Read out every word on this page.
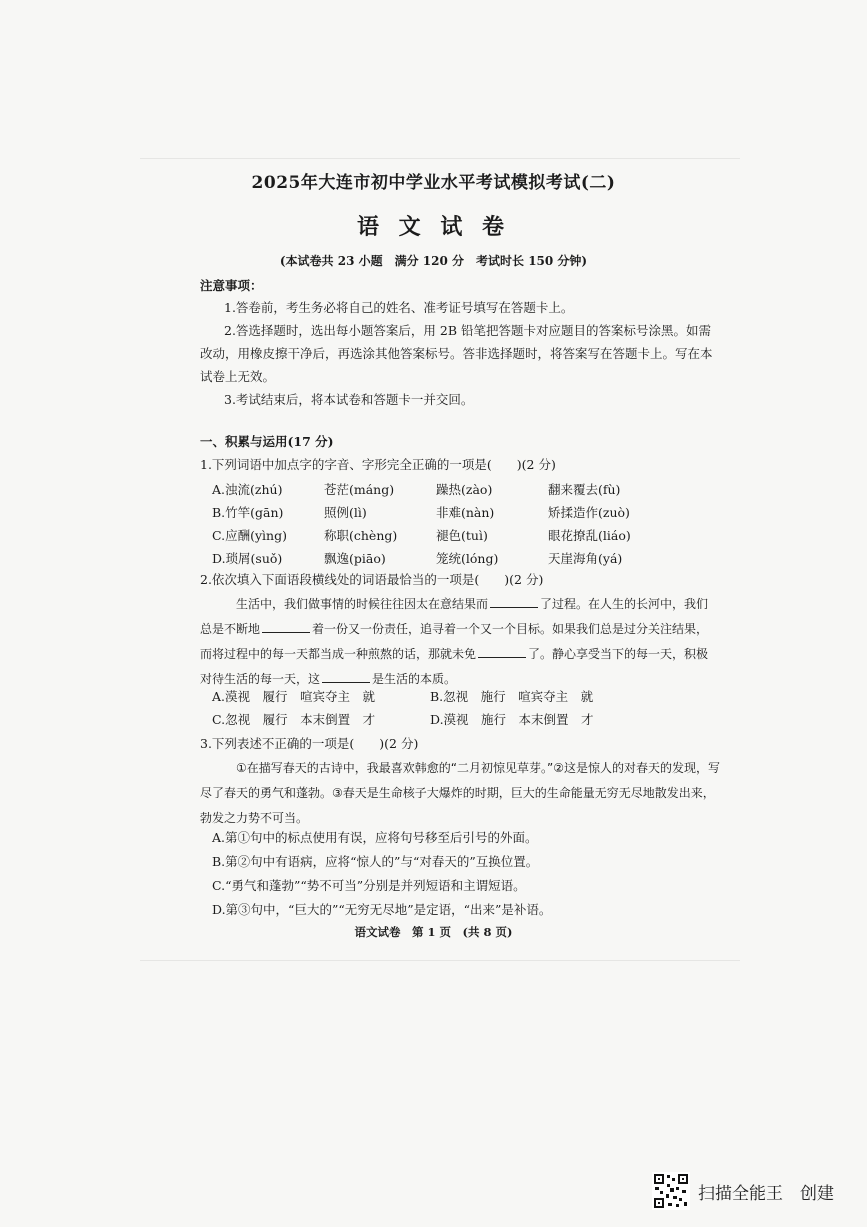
2025年大连市初中学业水平考试模拟考试(二)
语 文 试 卷
(本试卷共 23 小题　满分 120 分　考试时长 150 分钟)
注意事项：

1.答卷前，考生务必将自己的姓名、准考证号填写在答题卡上。

2.答选择题时，选出每小题答案后，用 2B 铅笔把答题卡对应题目的答案标号涂黑。如需改动，用橡皮擦干净后，再选涂其他答案标号。答非选择题时，将答案写在答题卡上。写在本试卷上无效。

3.考试结束后，将本试卷和答题卡一并交回。

一、积累与运用(17 分)
1.下列词语中加点字的字音、字形完全正确的一项是(　　)(2 分)
A.浊流(zhú)	苍茫(máng)	躁热(zào)	翻来覆去(fù)
B.竹竿(gān)	照例(lì)	非难(nàn)	矫揉造作(zuò)
C.应酬(yìng)	称职(chèng)	褪色(tuì)	眼花撩乱(liáo)
D.琐屑(suǒ)	飘逸(piāo)	笼统(lóng)	天崖海角(yá)
2.依次填入下面语段横线处的词语最恰当的一项是(　　)(2 分)
生活中，我们做事情的时候往往因太在意结果而	了过程。在人生的长河中，我们总是不断地	着一份又一份责任，追寻着一个又一个目标。如果我们总是过分关注结果，而将过程中的每一天都当成一种煎熬的话，那就未免	了。静心享受当下的每一天，积极对待生活的每一天，这	是生活的本质。
A.漠视　履行　喧宾夺主　就	B.忽视　施行　喧宾夺主　就
C.忽视　履行　本末倒置　才	D.漠视　施行　本末倒置　才
3.下列表述不正确的一项是(　　)(2 分)
①在描写春天的古诗中，我最喜欢韩愈的“二月初惊见草芽。”②这是惊人的对春天的发现，写尽了春天的勇气和蓬勃。③春天是生命核子大爆炸的时期，巨大的生命能量无穷无尽地散发出来，勃发之力势不可当。
A.第①句中的标点使用有误，应将句号移至后引号的外面。
B.第②句中有语病，应将“惊人的”与“对春天的”互换位置。
C.“勇气和蓬勃”“势不可当”分别是并列短语和主谓短语。
D.第③句中，“巨大的”“无穷无尽地”是定语，“出来”是补语。
语文试卷　第 1 页　(共 8 页)
扫描全能王　创建
